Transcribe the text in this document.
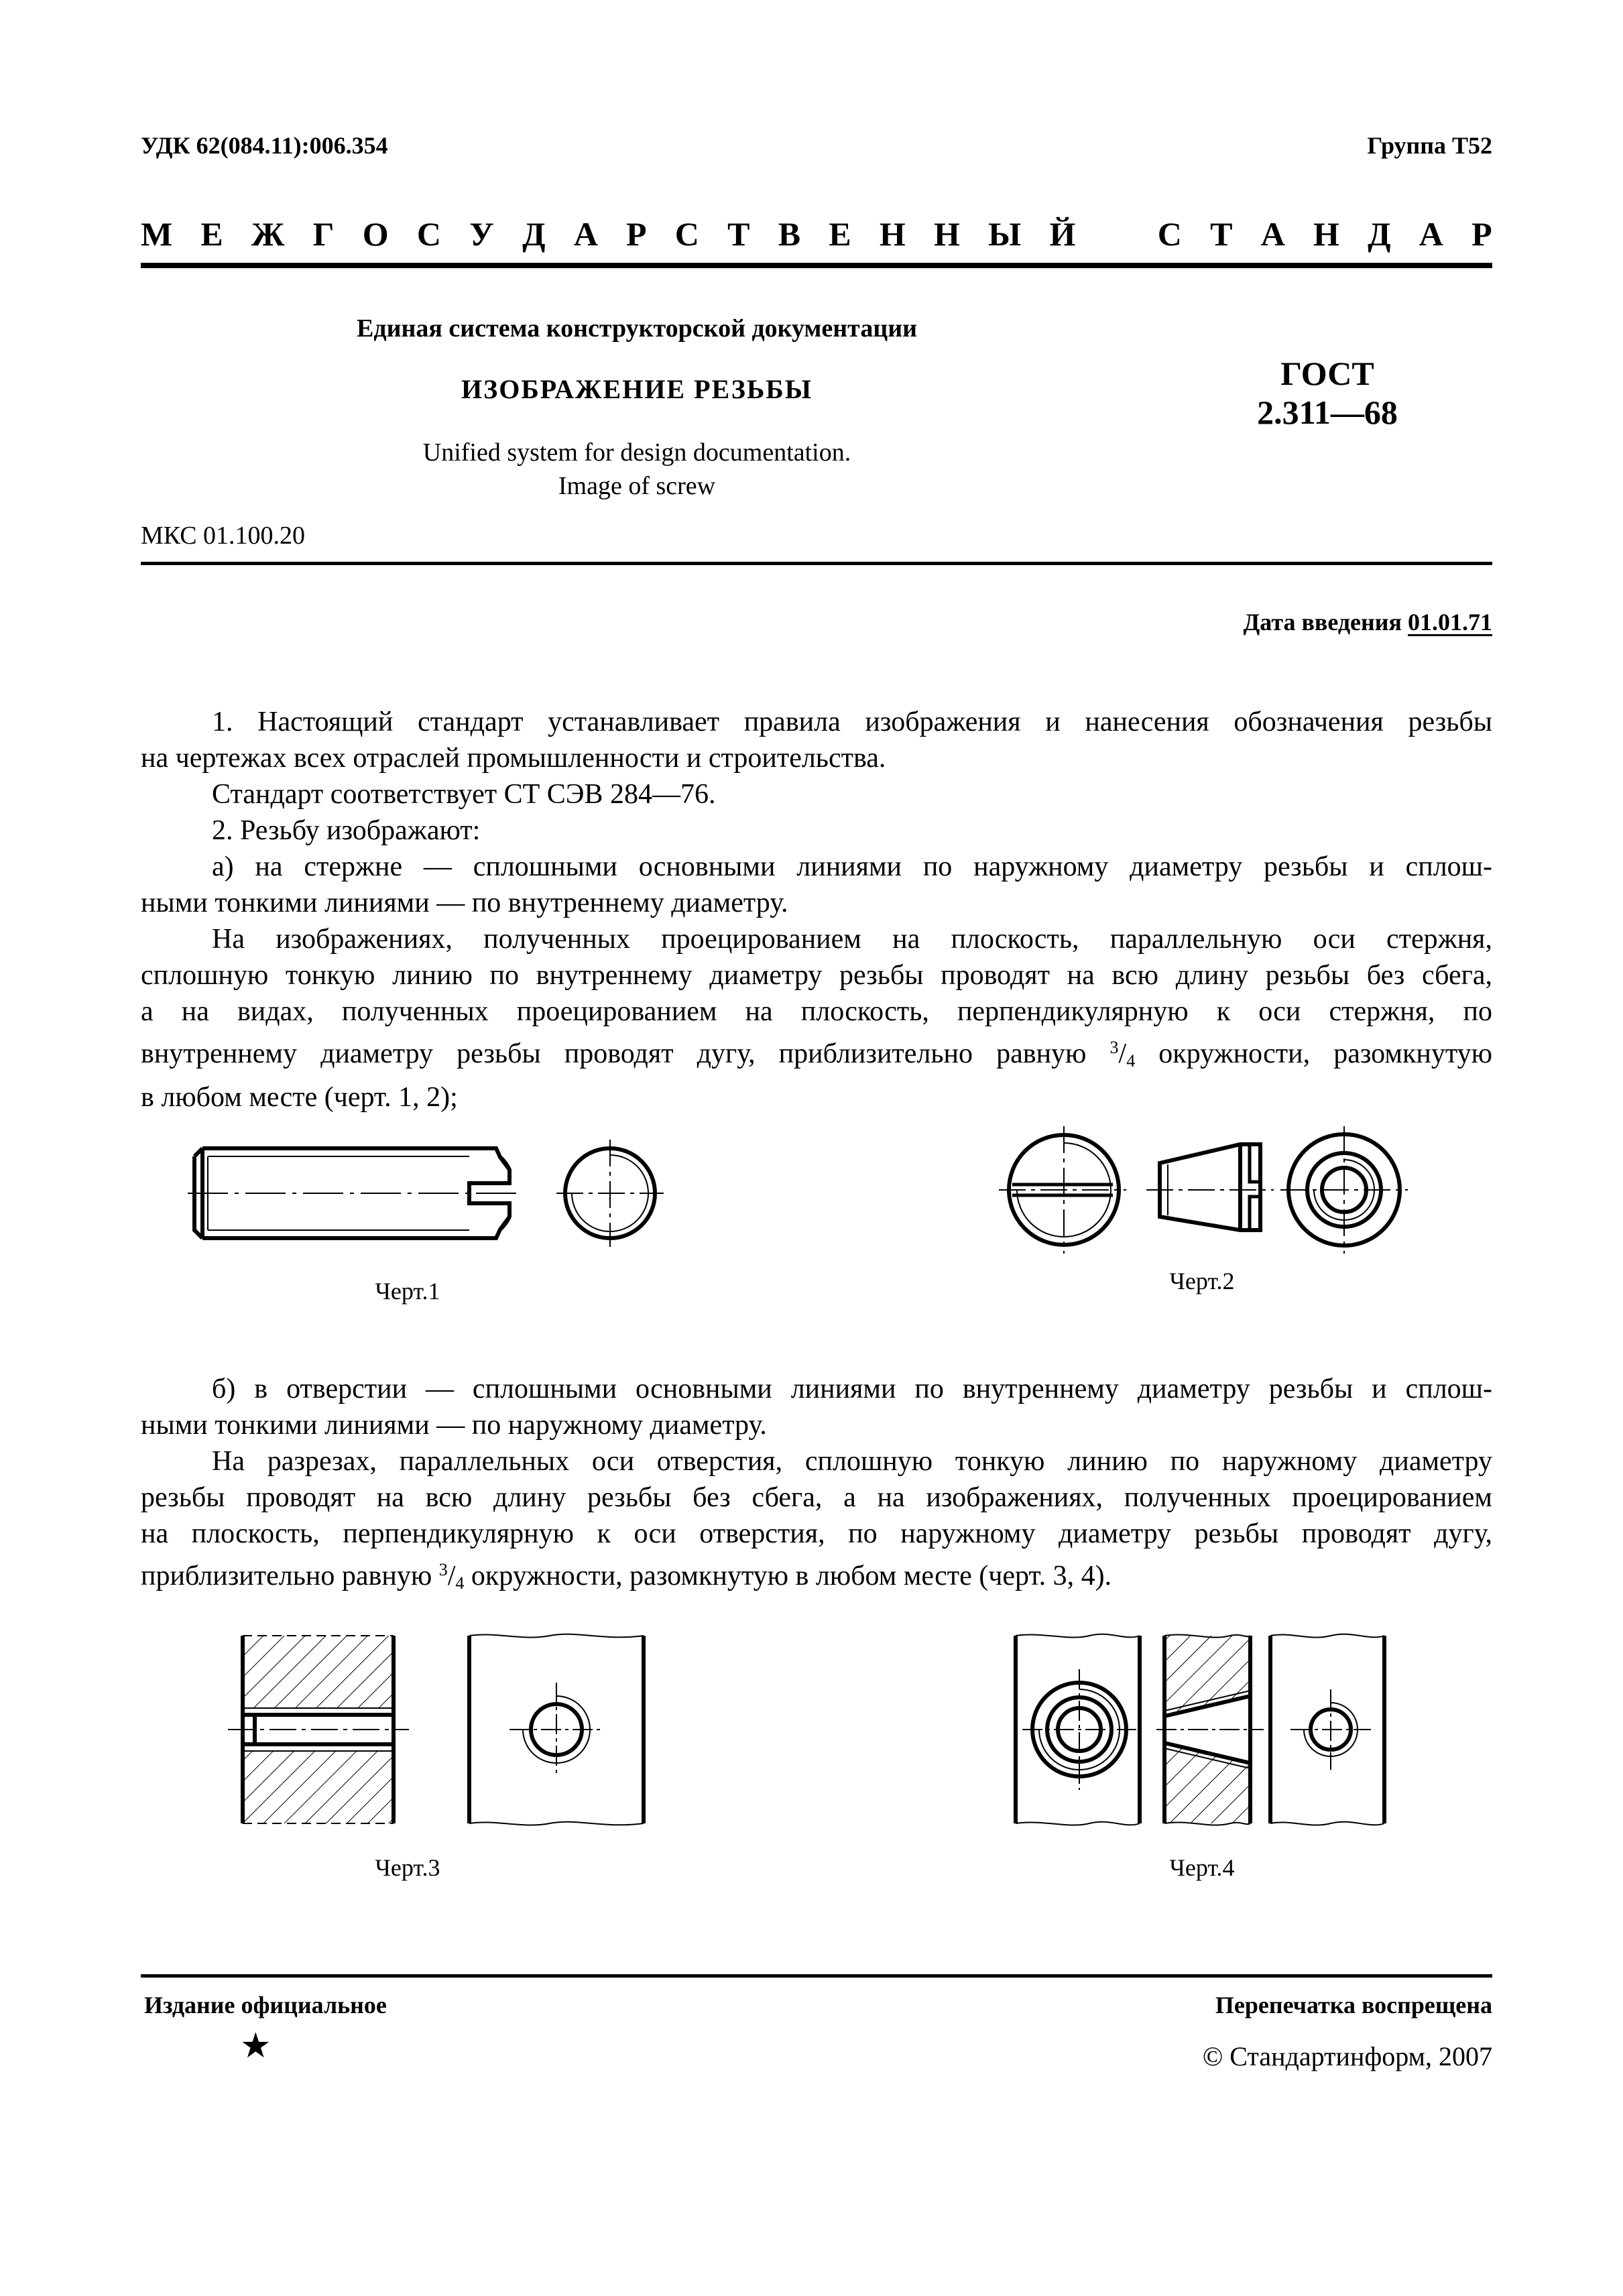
УДК 62(084.11):006.354	Группа Т52
М Е Ж Г О С У Д А Р С Т В Е Н Н Ы Й С Т А Н Д А Р
Единая система конструкторской документации
ИЗОБРАЖЕНИЕ РЕЗЬБЫ
Unified system for design documentation.
Image of screw
ГОСТ
2.311—68
МКС 01.100.20
Дата введения 01.01.71

1. Настоящий стандарт устанавливает правила изображения и нанесения обозначения резьбы

на чертежах всех отраслей промышленности и строительства.

Стандарт соответствует СТ СЭВ 284—76.

2. Резьбу изображают:

а) на стержне — сплошными основными линиями по наружному диаметру резьбы и сплош-

ными тонкими линиями — по внутреннему диаметру.

На изображениях, полученных проецированием на плоскость, параллельную оси стержня,

сплошную тонкую линию по внутреннему диаметру резьбы проводят на всю длину резьбы без сбега,

а на видах, полученных проецированием на плоскость, перпендикулярную к оси стержня, по

внутреннему диаметру резьбы проводят дугу, приблизительно равную $^3/_4$ окружности, разомкнутую

в любом месте (черт. 1, 2);

Черт.1	Черт.2

б) в отверстии — сплошными основными линиями по внутреннему диаметру резьбы и сплош-

ными тонкими линиями — по наружному диаметру.

На разрезах, параллельных оси отверстия, сплошную тонкую линию по наружному диаметру

резьбы проводят на всю длину резьбы без сбега, а на изображениях, полученных проецированием

на плоскость, перпендикулярную к оси отверстия, по наружному диаметру резьбы проводят дугу,

приблизительно равную $^3/_4$ окружности, разомкнутую в любом месте (черт. 3, 4).

Черт.3	Черт.4
Издание официальное
★
Перепечатка воспрещена
© Стандартинформ, 2007
